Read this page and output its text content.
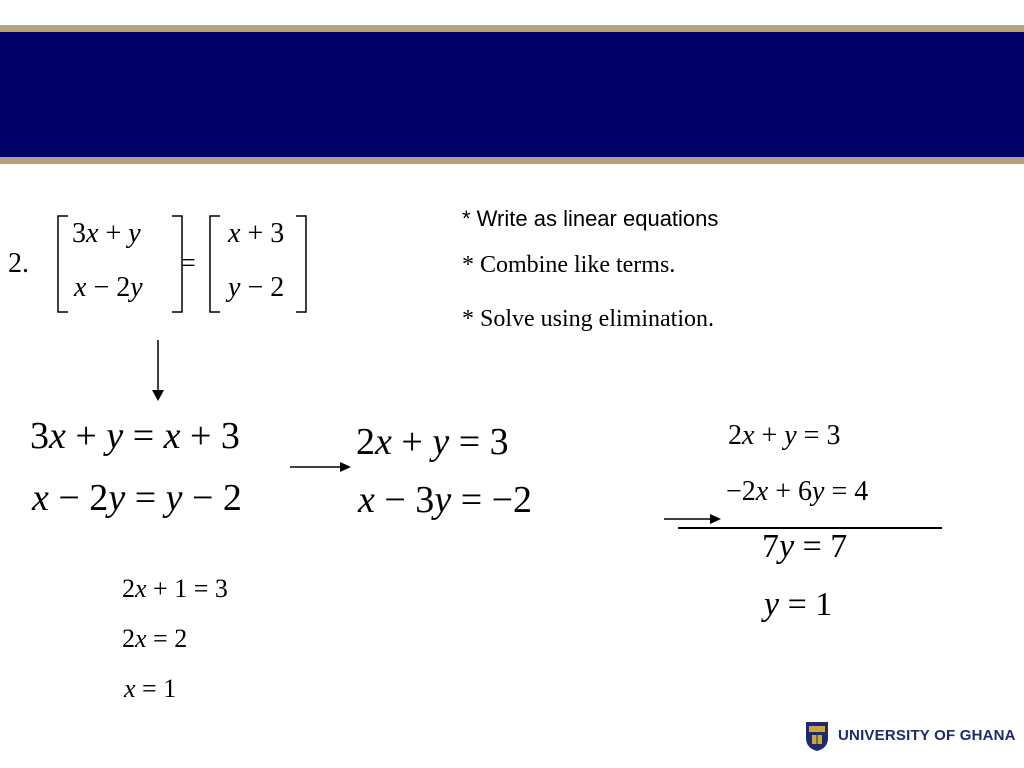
2.
3x + y
x − 2y
=
x + 3
y − 2
* Write as linear equations
* Combine like terms.
* Solve using elimination.
3x + y = x + 3
x − 2y = y − 2
2x + y = 3
x − 3y = −2
2x + y = 3
−2x + 6y = 4
7y = 7
y = 1
2x + 1 = 3
2x = 2
x = 1
UNIVERSITY OF GHANA
